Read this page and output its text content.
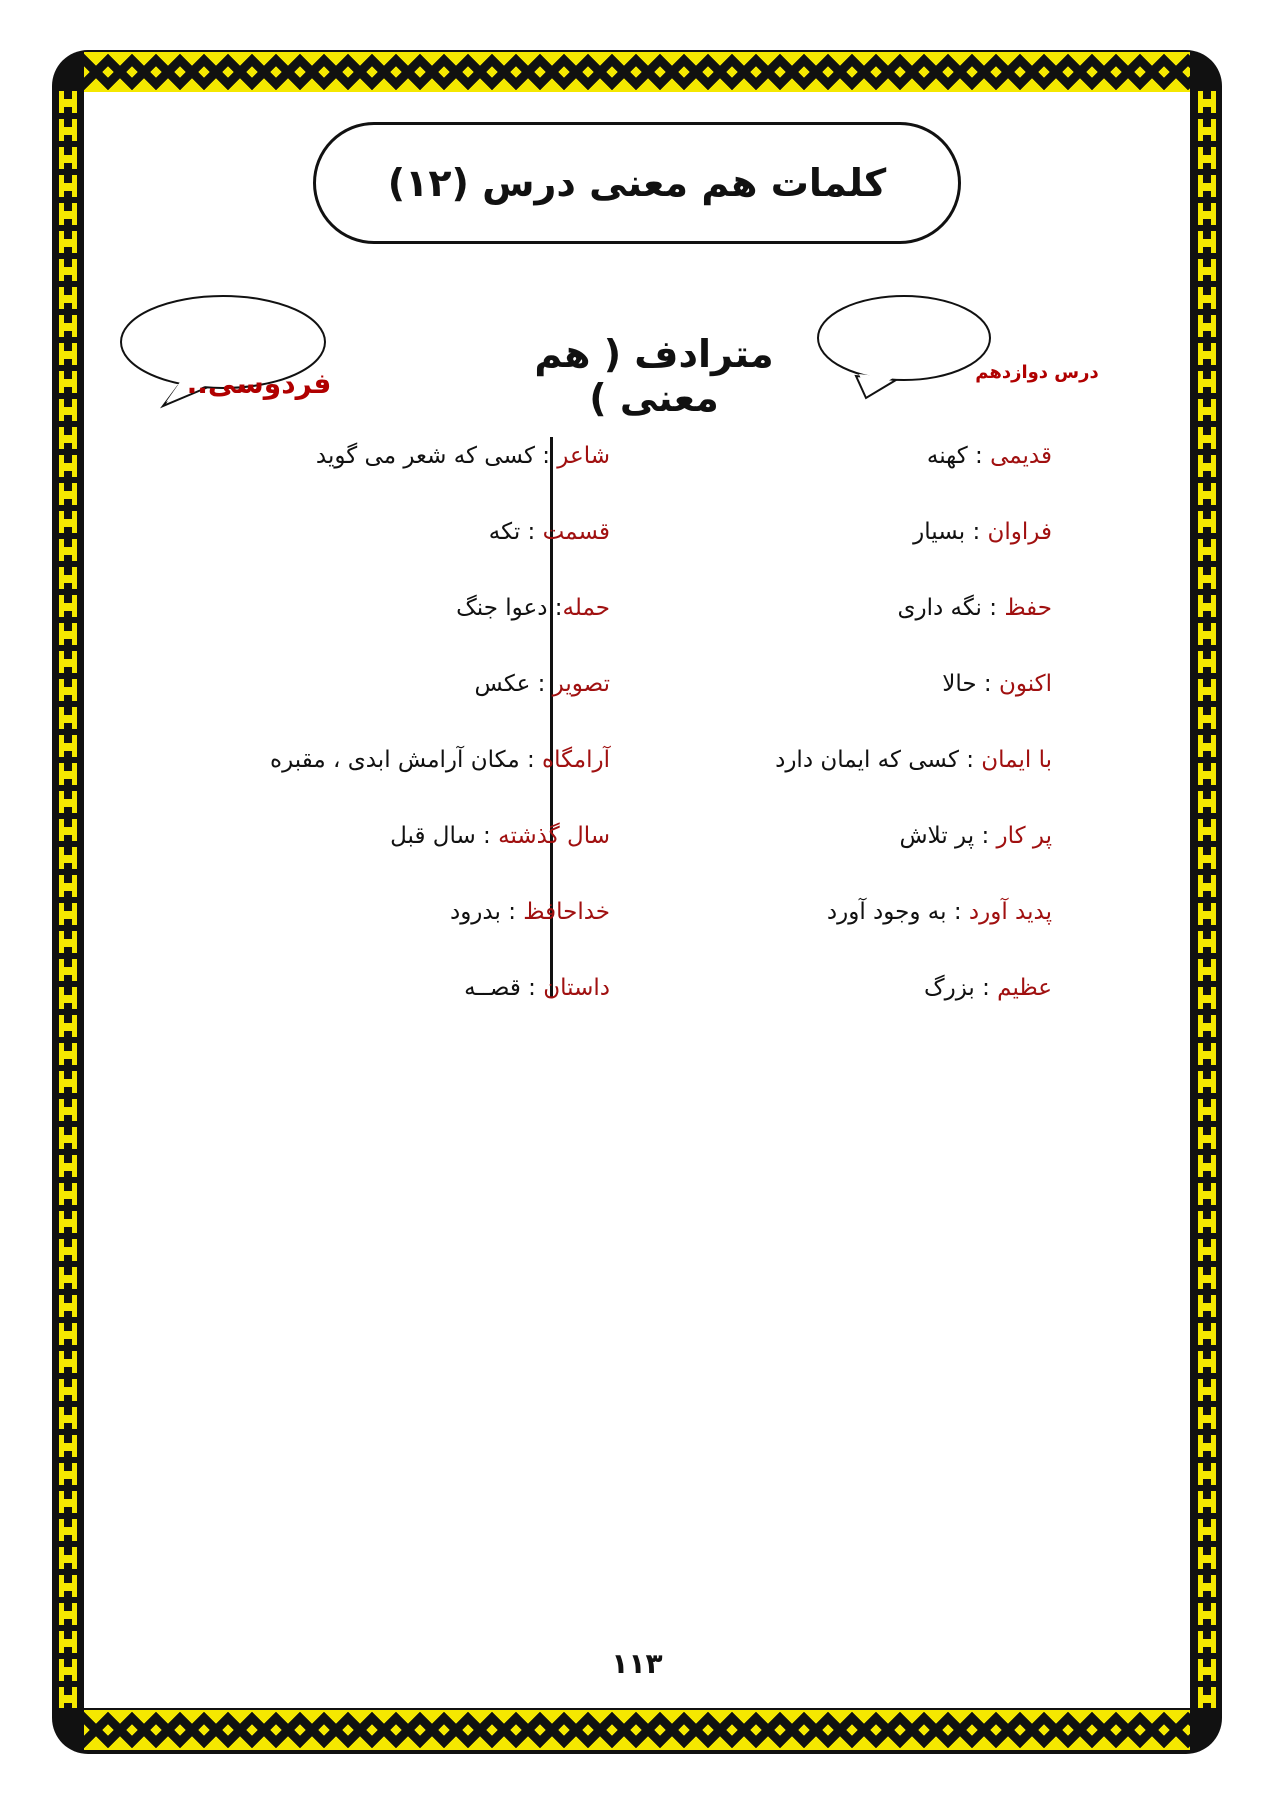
کلمات هم معنی درس (۱۲)
مترادف ( هم معنی )
فردوسی..	درس دوازدهم
قدیمی : کهنه
فراوان : بسیار
حفظ : نگه داری
اکنون : حالا
با ایمان : کسی که ایمان دارد
پر کار : پر تلاش
پدید آورد : به وجود آورد
عظیم : بزرگ
شاعر : کسی که شعر می گوید
قسمت : تکه
حمله: دعوا جنگ
تصویر : عکس
آرامگاه : مکان آرامش ابدی ، مقبره
سال گذشته : سال قبل
خداحافظ : بدرود
داستان : قصــه
۱۱۳
